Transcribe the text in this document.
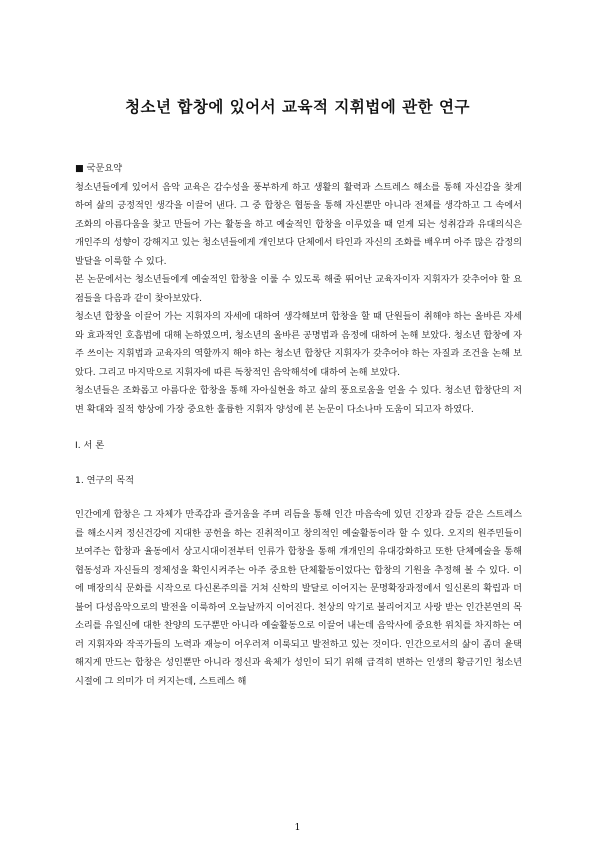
청소년 합창에 있어서 교육적 지휘법에 관한 연구

■ 국문요약

청소년들에게 있어서 음악 교육은 감수성을 풍부하게 하고 생활의 활력과 스트레스 해소를 통해 자신감을 찾게 하여 삶의 긍정적인 생각을 이끌어 낸다. 그 중 합창은 협동을 통해 자신뿐만 아니라 전체를 생각하고 그 속에서 조화의 아름다움을 찾고 만들어 가는 활동을 하고 예술적인 합창을 이루었을 때 얻게 되는 성취감과 유대의식은 개인주의 성향이 강해지고 있는 청소년들에게 개인보다 단체에서 타인과 자신의 조화를 배우며 아주 많은 감정의 발달을 이룩할 수 있다.

본 논문에서는 청소년들에게 예술적인 합창을 이룰 수 있도록 해줄 뛰어난 교육자이자 지휘자가 갖추어야 할 요점들을 다음과 같이 찾아보았다.

청소년 합창을 이끌어 가는 지휘자의 자세에 대하여 생각해보며 합창을 할 때 단원들이 취해야 하는 올바른 자세와 효과적인 호흡법에 대해 논하였으며, 청소년의 올바른 공명법과 음정에 대하여 논해 보았다. 청소년 합창에 자주 쓰이는 지휘법과 교육자의 역할까지 해야 하는 청소년 합창단 지휘자가 갖추어야 하는 자질과 조건을 논해 보았다. 그리고 마지막으로 지휘자에 따른 독창적인 음악해석에 대하여 논해 보았다.

청소년들은 조화롭고 아름다운 합창을 통해 자아실현을 하고 삶의 풍요로움을 얻을 수 있다. 청소년 합창단의 저변 확대와 질적 향상에 가장 중요한 훌륭한 지휘자 양성에 본 논문이 다소나마 도움이 되고자 하였다.

Ⅰ. 서 론

1. 연구의 목적

인간에게 합창은 그 자체가 만족감과 즐거움을 주며 리듬을 통해 인간 마음속에 있던 긴장과 갈등 같은 스트레스를 해소시켜 정신건강에 지대한 공헌을 하는 진취적이고 창의적인 예술활동이라 할 수 있다. 오지의 원주민들이 보여주는 합창과 율동에서 상고시대이전부터 인류가 합창을 통해 개개인의 유대강화하고 또한 단체예술을 통해 협동성과 자신들의 정체성을 확인시켜주는 아주 중요한 단체활동이었다는 합창의 기원을 추정해 볼 수 있다. 이에 매장의식 문화를 시작으로 다신론주의를 거쳐 신학의 발달로 이어지는 문명확장과정에서 일신론의 확립과 더불어 다성음악으로의 발전을 이룩하여 오늘날까지 이어진다. 천상의 악기로 불리어지고 사랑 받는 인간본연의 목소리를 유일신에 대한 찬양의 도구뿐만 아니라 예술활동으로 이끌어 내는데 음악사에 중요한 위치를 차지하는 여러 지휘자와 작곡가들의 노력과 재능이 어우러져 이룩되고 발전하고 있는 것이다. 인간으로서의 삶이 좀더 윤택해지게 만드는 합창은 성인뿐만 아니라 정신과 육체가 성인이 되기 위해 급격히 변하는 인생의 황금기인 청소년 시절에 그 의미가 더 커지는데, 스트레스 해

1
